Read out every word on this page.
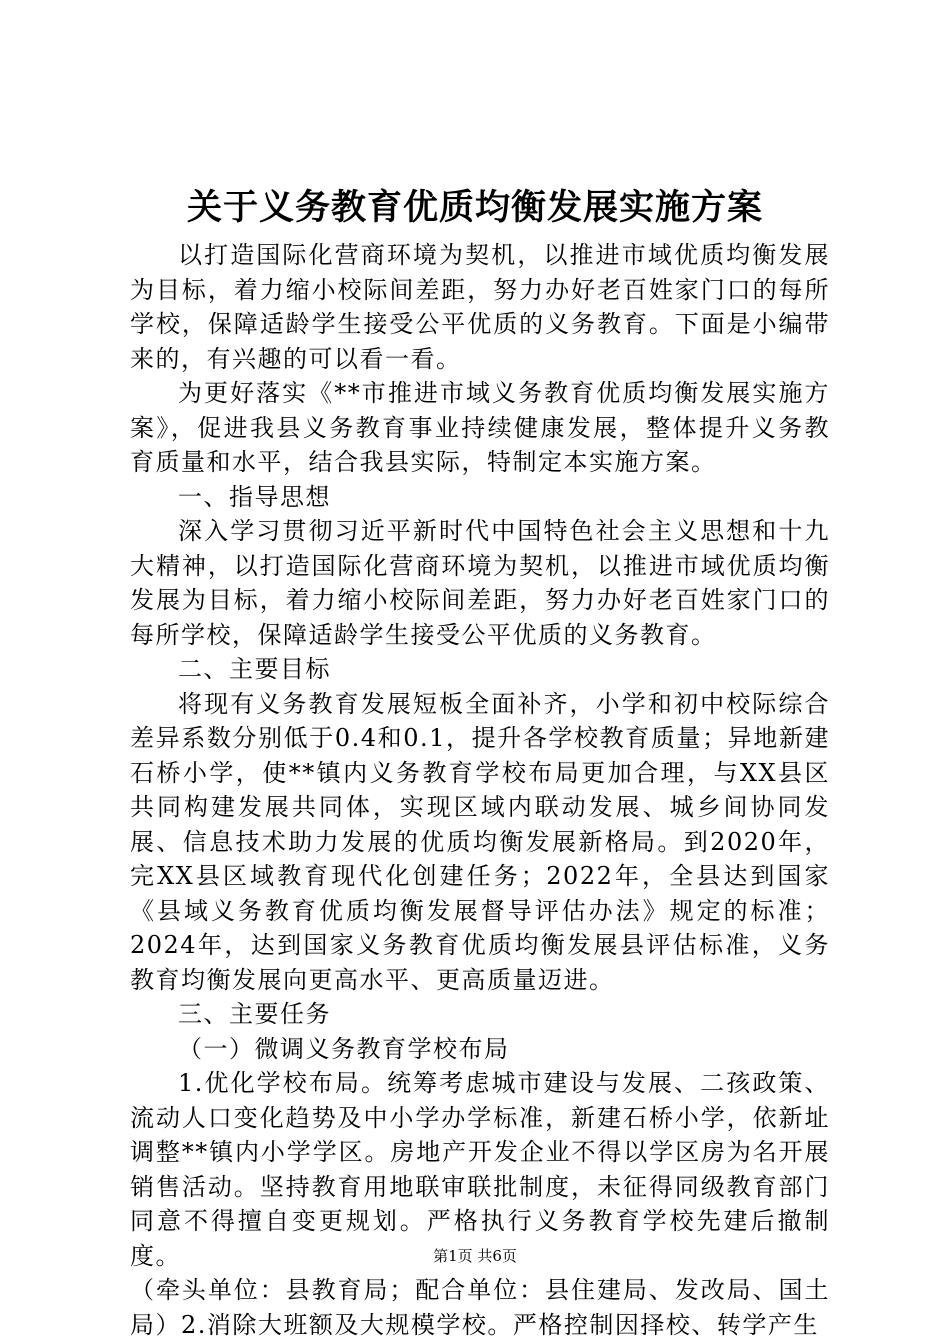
关于义务教育优质均衡发展实施方案

以打造国际化营商环境为契机，以推进市域优质均衡发展为目标，着力缩小校际间差距，努力办好老百姓家门口的每所学校，保障适龄学生接受公平优质的义务教育。下面是小编带来的，有兴趣的可以看一看。

为更好落实《**市推进市域义务教育优质均衡发展实施方案》，促进我县义务教育事业持续健康发展，整体提升义务教育质量和水平，结合我县实际，特制定本实施方案。

一、指导思想

深入学习贯彻习近平新时代中国特色社会主义思想和十九大精神，以打造国际化营商环境为契机，以推进市域优质均衡发展为目标，着力缩小校际间差距，努力办好老百姓家门口的每所学校，保障适龄学生接受公平优质的义务教育。

二、主要目标

将现有义务教育发展短板全面补齐，小学和初中校际综合差异系数分别低于0.4和0.1，提升各学校教育质量；异地新建石桥小学，使**镇内义务教育学校布局更加合理，与XX县区共同构建发展共同体，实现区域内联动发展、城乡间协同发展、信息技术助力发展的优质均衡发展新格局。到2020年，完XX县区域教育现代化创建任务；2022年，全县达到国家《县域义务教育优质均衡发展督导评估办法》规定的标准；2024年，达到国家义务教育优质均衡发展县评估标准，义务教育均衡发展向更高水平、更高质量迈进。

三、主要任务

（一）微调义务教育学校布局

1.优化学校布局。统筹考虑城市建设与发展、二孩政策、流动人口变化趋势及中小学办学标准，新建石桥小学，依新址调整**镇内小学学区。房地产开发企业不得以学区房为名开展销售活动。坚持教育用地联审联批制度，未征得同级教育部门同意不得擅自变更规划。严格执行义务教育学校先建后撤制度。

（牵头单位：县教育局；配合单位：县住建局、发改局、国土局）2.消除大班额及大规模学校。严格控制因择校、转学产生

第1页 共6页
